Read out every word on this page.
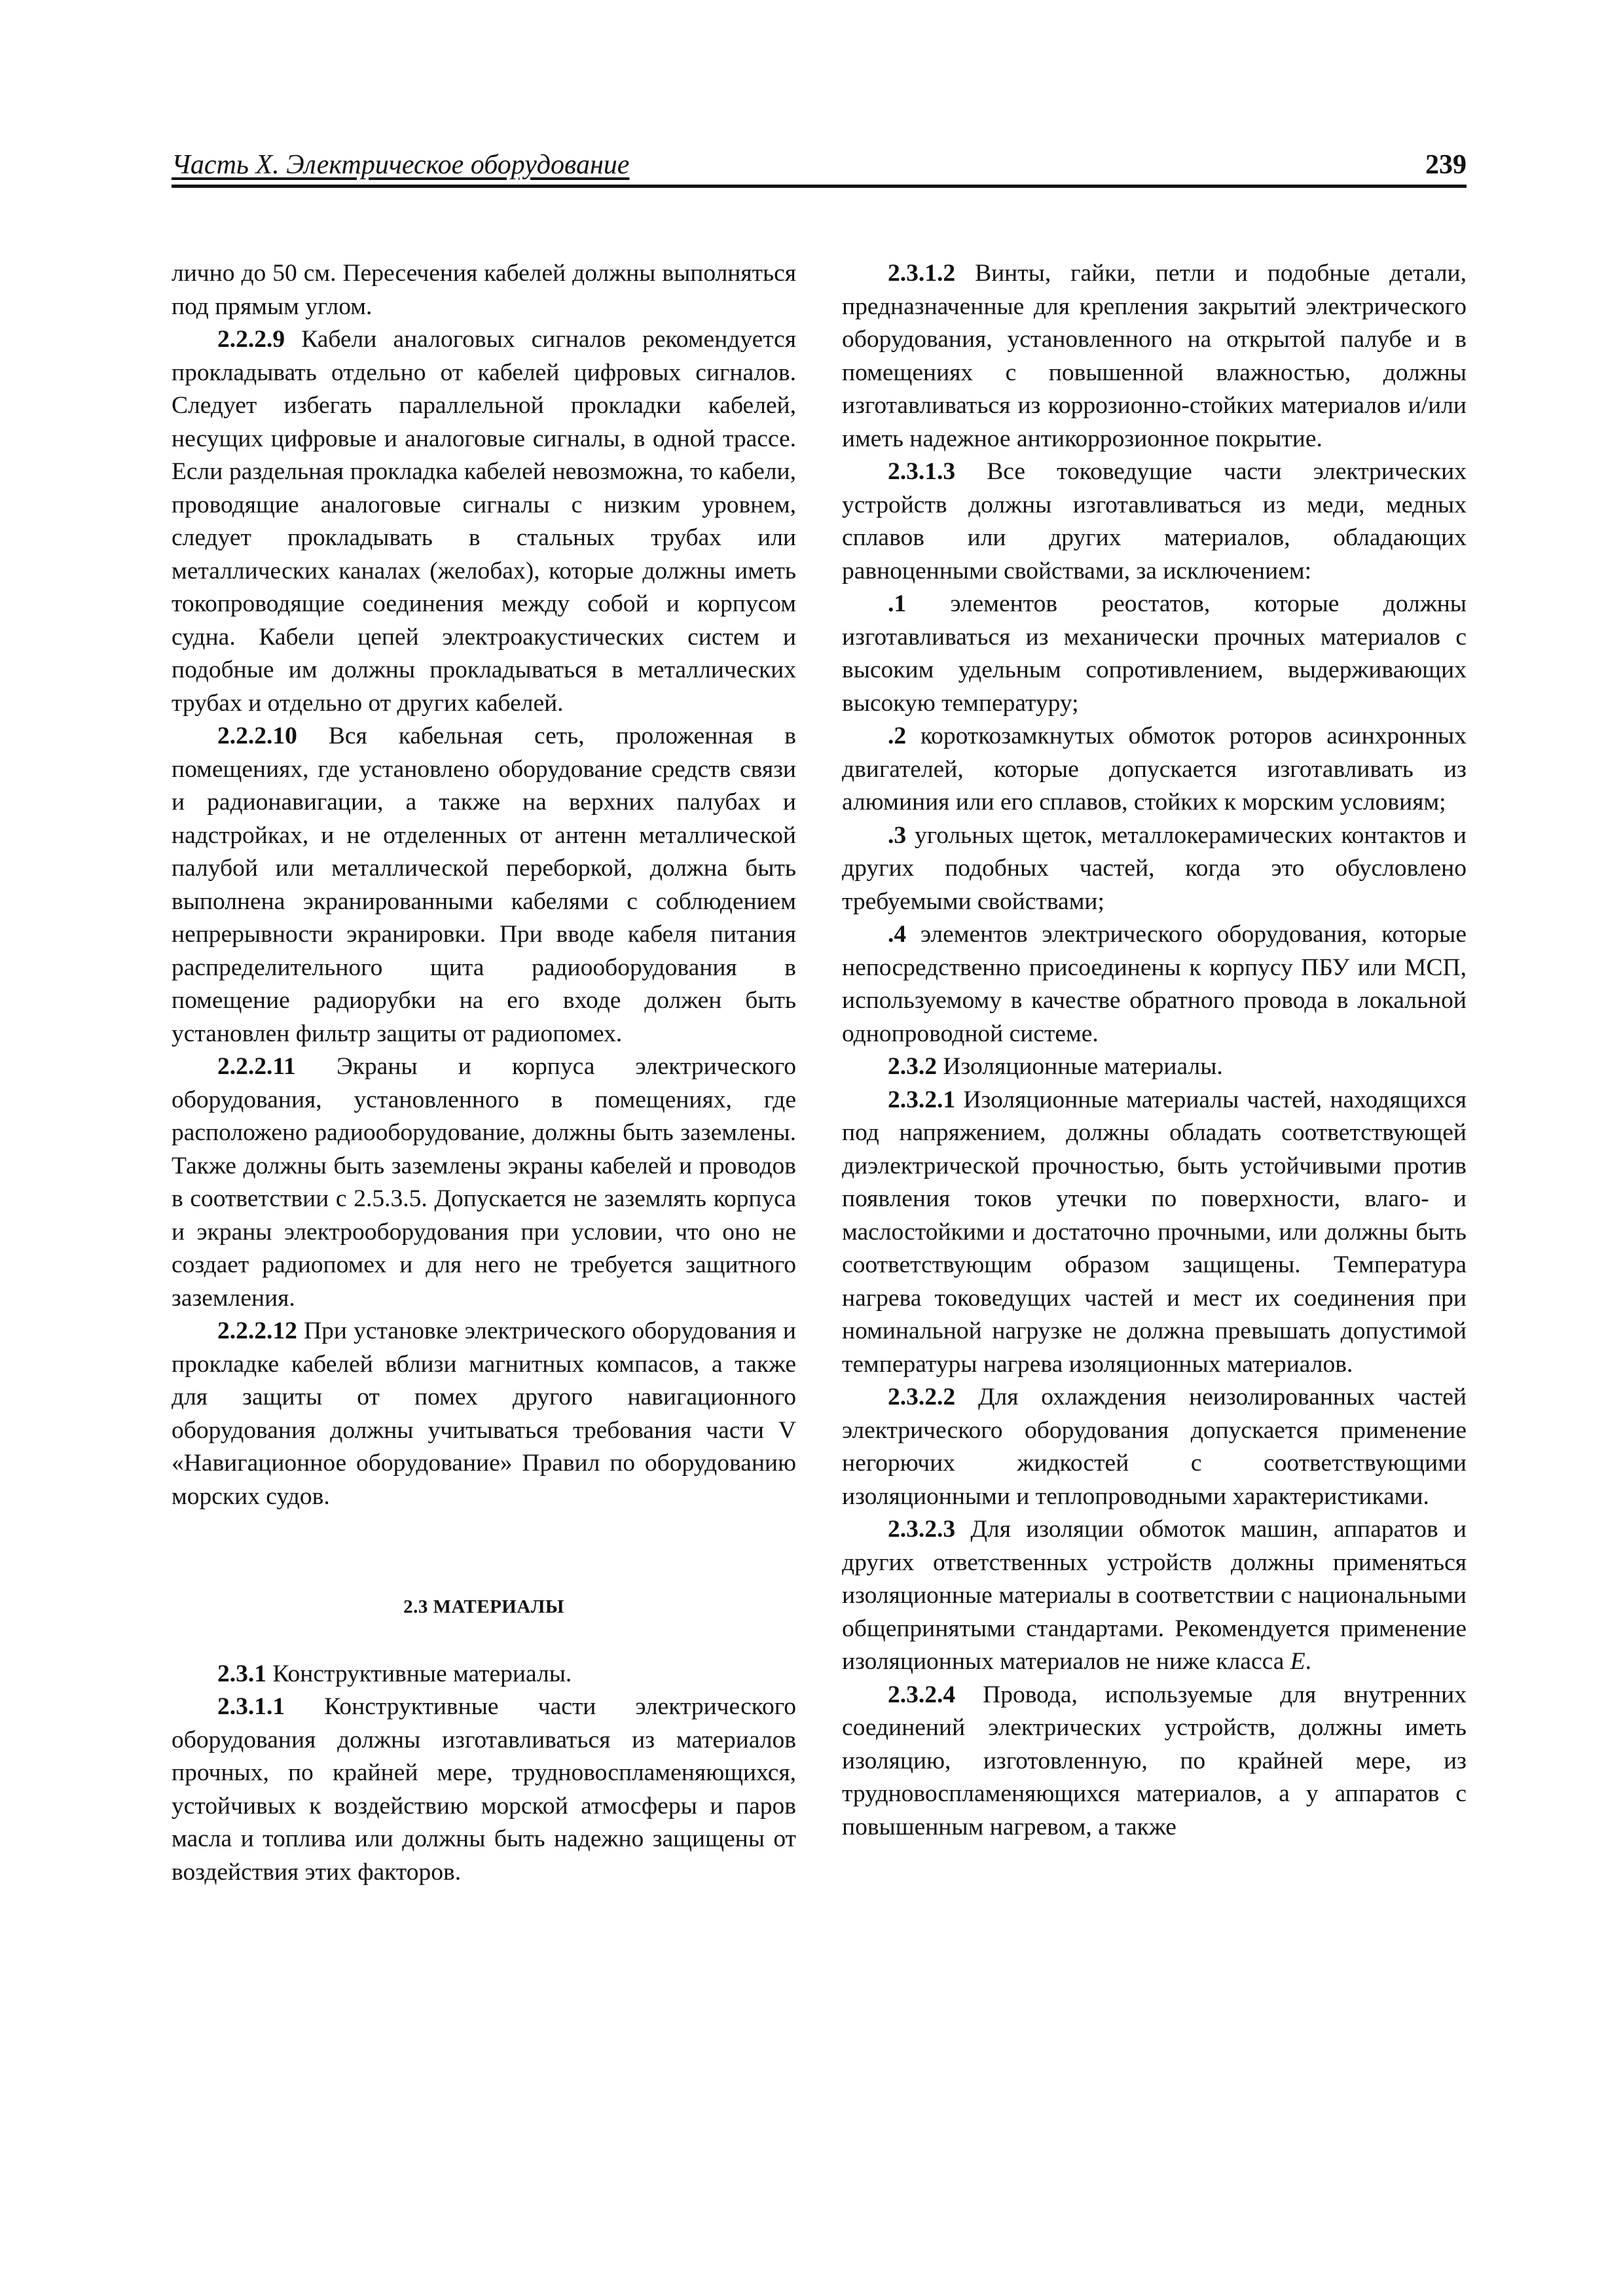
Часть X. Электрическое оборудование	239

лично до 50 см. Пересечения кабелей должны выполняться под прямым углом.

2.2.2.9 Кабели аналоговых сигналов рекомендуется прокладывать отдельно от кабелей цифровых сигналов. Следует избегать параллельной прокладки кабелей, несущих цифровые и аналоговые сигналы, в одной трассе. Если раздельная прокладка кабелей невозможна, то кабели, проводящие аналоговые сигналы с низким уровнем, следует прокладывать в стальных трубах или металлических каналах (желобах), которые должны иметь токопроводящие соединения между собой и корпусом судна. Кабели цепей электроакустических систем и подобные им должны прокладываться в металлических трубах и отдельно от других кабелей.

2.2.2.10 Вся кабельная сеть, проложенная в помещениях, где установлено оборудование средств связи и радионавигации, а также на верхних палубах и надстройках, и не отделенных от антенн металлической палубой или металлической переборкой, должна быть выполнена экранированными кабелями с соблюдением непрерывности экранировки. При вводе кабеля питания распределительного щита радиооборудования в помещение радиорубки на его входе должен быть установлен фильтр защиты от радиопомех.

2.2.2.11 Экраны и корпуса электрического оборудования, установленного в помещениях, где расположено радиооборудование, должны быть заземлены. Также должны быть заземлены экраны кабелей и проводов в соответствии с 2.5.3.5. Допускается не заземлять корпуса и экраны электрооборудования при условии, что оно не создает радиопомех и для него не требуется защитного заземления.

2.2.2.12 При установке электрического оборудования и прокладке кабелей вблизи магнитных компасов, а также для защиты от помех другого навигационного оборудования должны учитываться требования части V «Навигационное оборудование» Правил по оборудованию морских судов.

2.3 МАТЕРИАЛЫ

2.3.1 Конструктивные материалы.

2.3.1.1 Конструктивные части электрического оборудования должны изготавливаться из материалов прочных, по крайней мере, трудновоспламеняющихся, устойчивых к воздействию морской атмосферы и паров масла и топлива или должны быть надежно защищены от воздействия этих факторов.

2.3.1.2 Винты, гайки, петли и подобные детали, предназначенные для крепления закрытий электрического оборудования, установленного на открытой палубе и в помещениях с повышенной влажностью, должны изготавливаться из коррозионно-стойких материалов и/или иметь надежное антикоррозионное покрытие.

2.3.1.3 Все токоведущие части электрических устройств должны изготавливаться из меди, медных сплавов или других материалов, обладающих равноценными свойствами, за исключением:

.1 элементов реостатов, которые должны изготавливаться из механически прочных материалов с высоким удельным сопротивлением, выдерживающих высокую температуру;

.2 короткозамкнутых обмоток роторов асинхронных двигателей, которые допускается изготавливать из алюминия или его сплавов, стойких к морским условиям;

.3 угольных щеток, металлокерамических контактов и других подобных частей, когда это обусловлено требуемыми свойствами;

.4 элементов электрического оборудования, которые непосредственно присоединены к корпусу ПБУ или МСП, используемому в качестве обратного провода в локальной однопроводной системе.

2.3.2 Изоляционные материалы.

2.3.2.1 Изоляционные материалы частей, находящихся под напряжением, должны обладать соответствующей диэлектрической прочностью, быть устойчивыми против появления токов утечки по поверхности, влаго- и маслостойкими и достаточно прочными, или должны быть соответствующим образом защищены. Температура нагрева токоведущих частей и мест их соединения при номинальной нагрузке не должна превышать допустимой температуры нагрева изоляционных материалов.

2.3.2.2 Для охлаждения неизолированных частей электрического оборудования допускается применение негорючих жидкостей с соответствующими изоляционными и теплопроводными характеристиками.

2.3.2.3 Для изоляции обмоток машин, аппаратов и других ответственных устройств должны применяться изоляционные материалы в соответствии с национальными общепринятыми стандартами. Рекомендуется применение изоляционных материалов не ниже класса E.

2.3.2.4 Провода, используемые для внутренних соединений электрических устройств, должны иметь изоляцию, изготовленную, по крайней мере, из трудновоспламеняющихся материалов, а у аппаратов с повышенным нагревом, а также
